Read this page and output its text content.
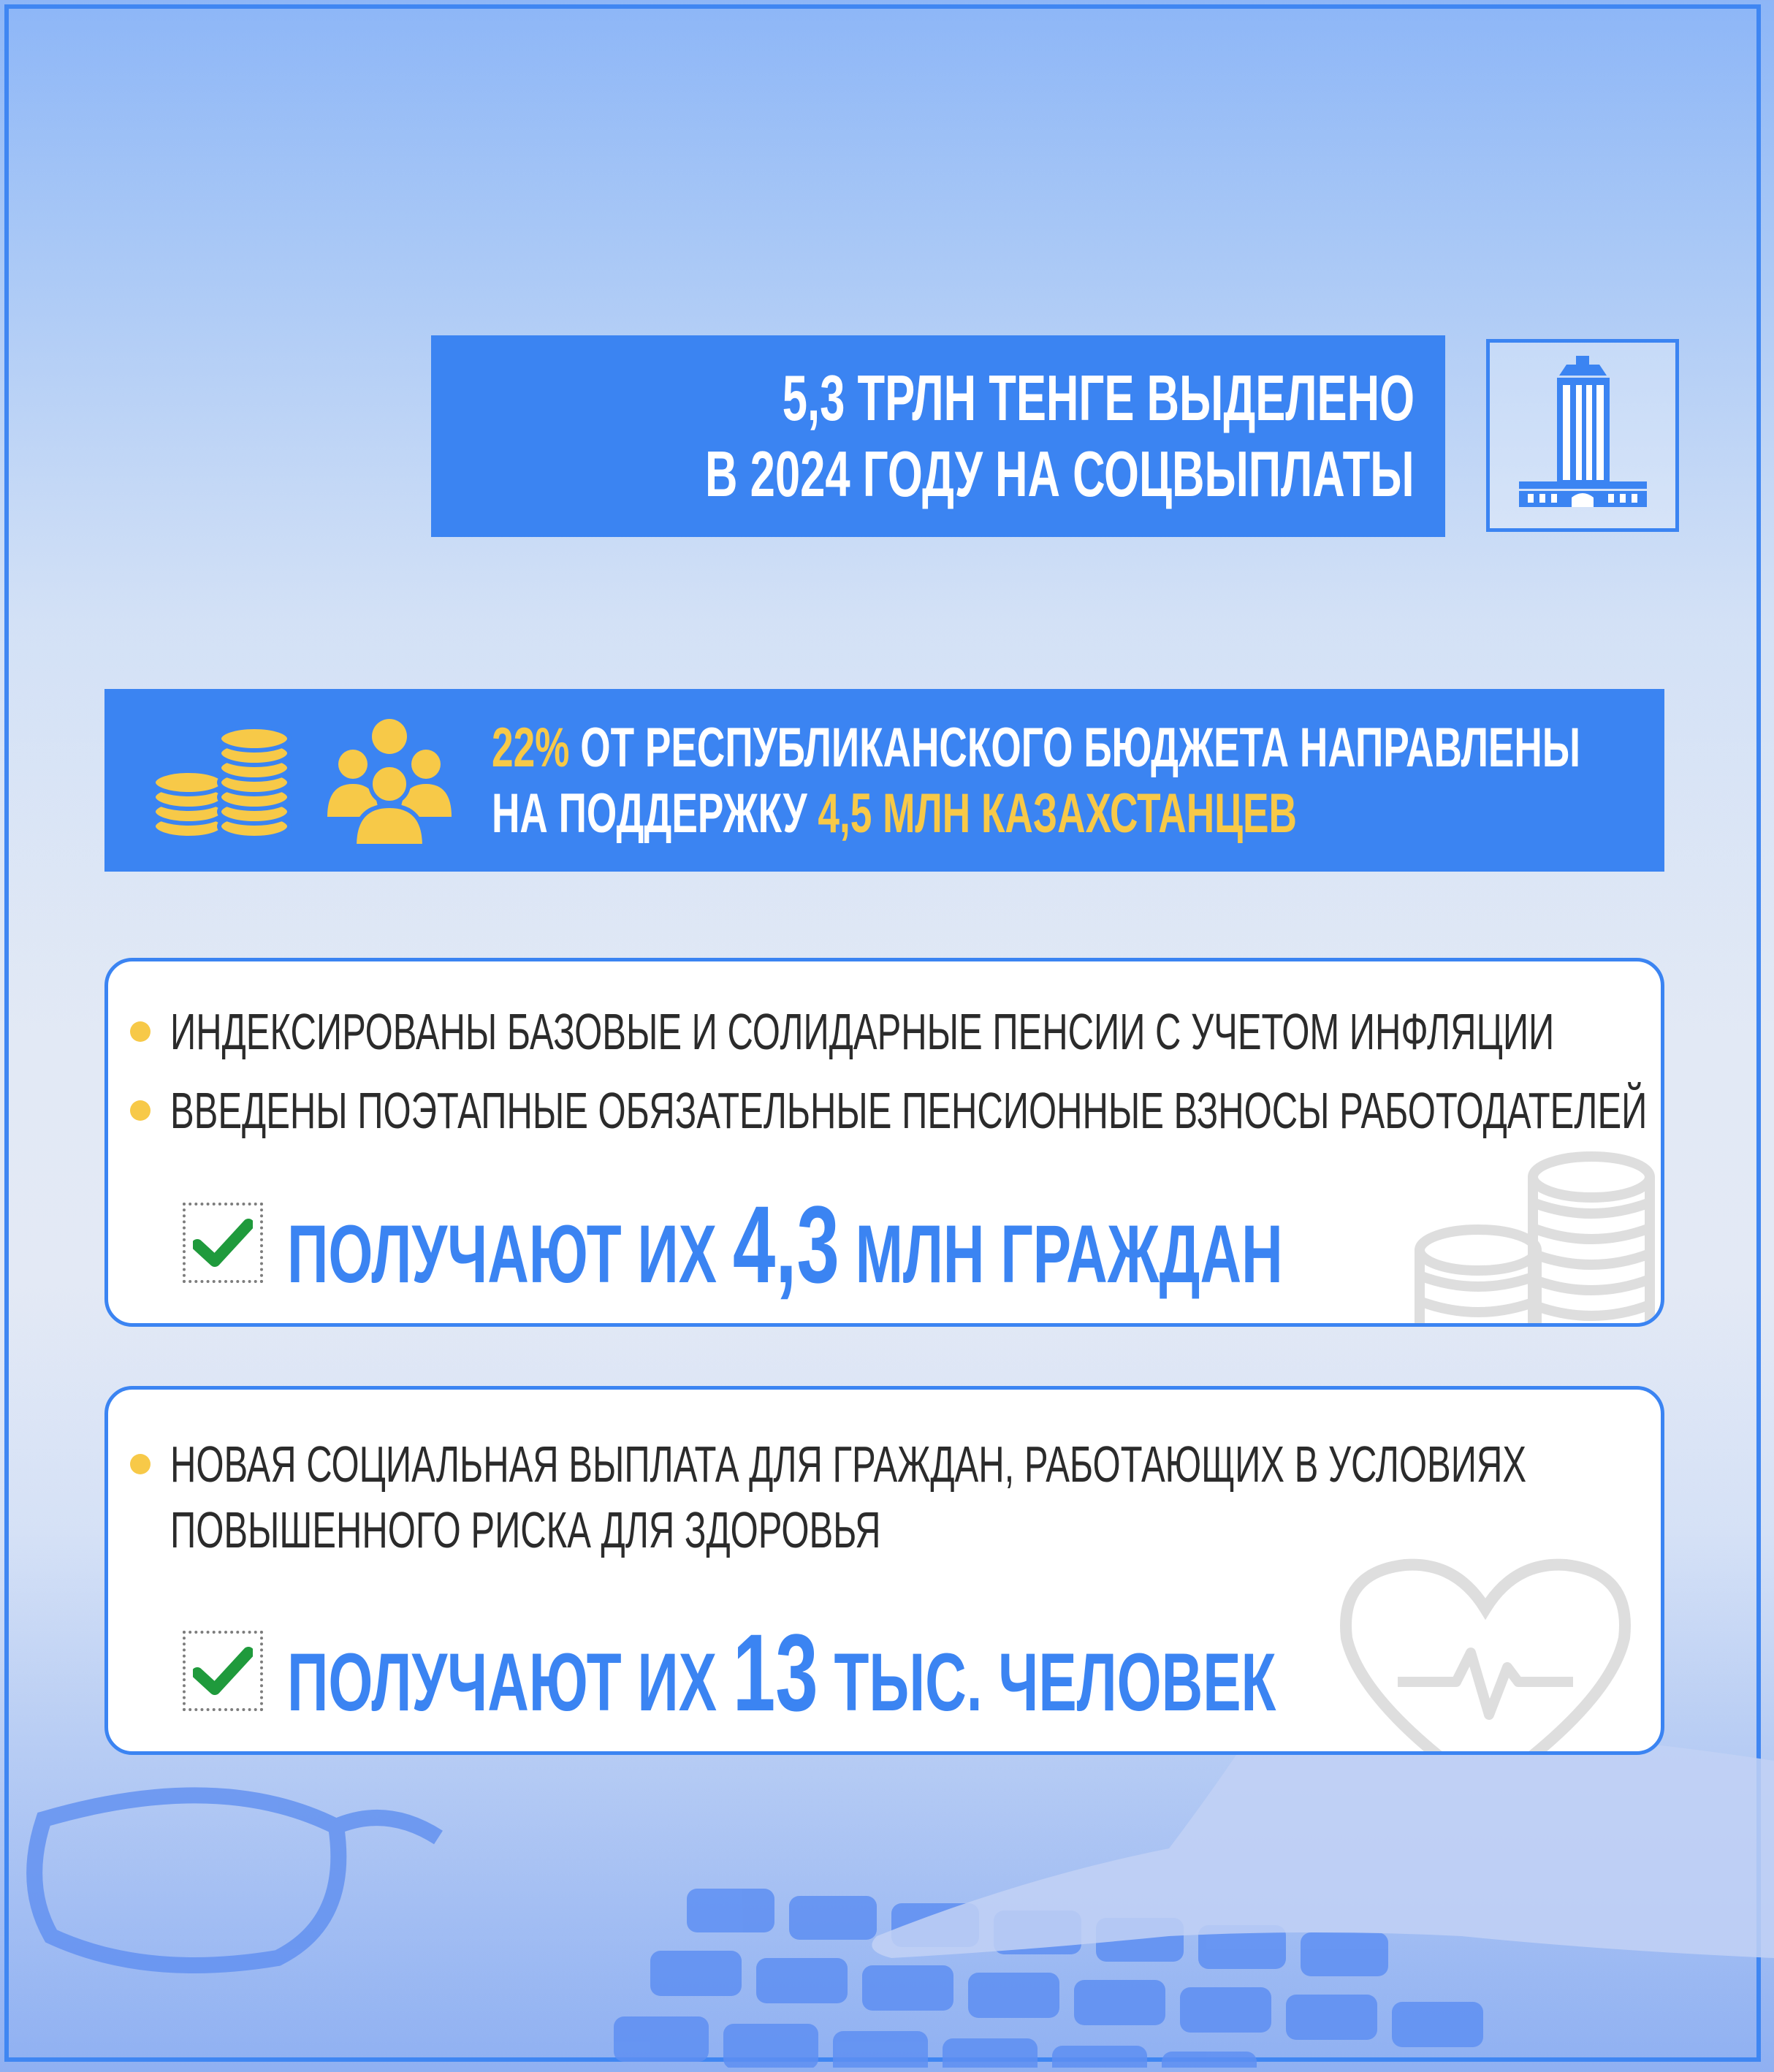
5,3 ТРЛН ТЕНГЕ ВЫДЕЛЕНО
В 2024 ГОДУ НА СОЦВЫПЛАТЫ
22% ОТ РЕСПУБЛИКАНСКОГО БЮДЖЕТА НАПРАВЛЕНЫ
НА ПОДДЕРЖКУ 4,5 МЛН КАЗАХСТАНЦЕВ
ИНДЕКСИРОВАНЫ БАЗОВЫЕ И СОЛИДАРНЫЕ ПЕНСИИ С УЧЕТОМ ИНФЛЯЦИИ
ВВЕДЕНЫ ПОЭТАПНЫЕ ОБЯЗАТЕЛЬНЫЕ ПЕНСИОННЫЕ ВЗНОСЫ РАБОТОДАТЕЛЕЙ
ПОЛУЧАЮТ ИХ 4,3 МЛН ГРАЖДАН
НОВАЯ СОЦИАЛЬНАЯ ВЫПЛАТА ДЛЯ ГРАЖДАН, РАБОТАЮЩИХ В УСЛОВИЯХ
ПОВЫШЕННОГО РИСКА ДЛЯ ЗДОРОВЬЯ
ПОЛУЧАЮТ ИХ 13 ТЫС. ЧЕЛОВЕК
